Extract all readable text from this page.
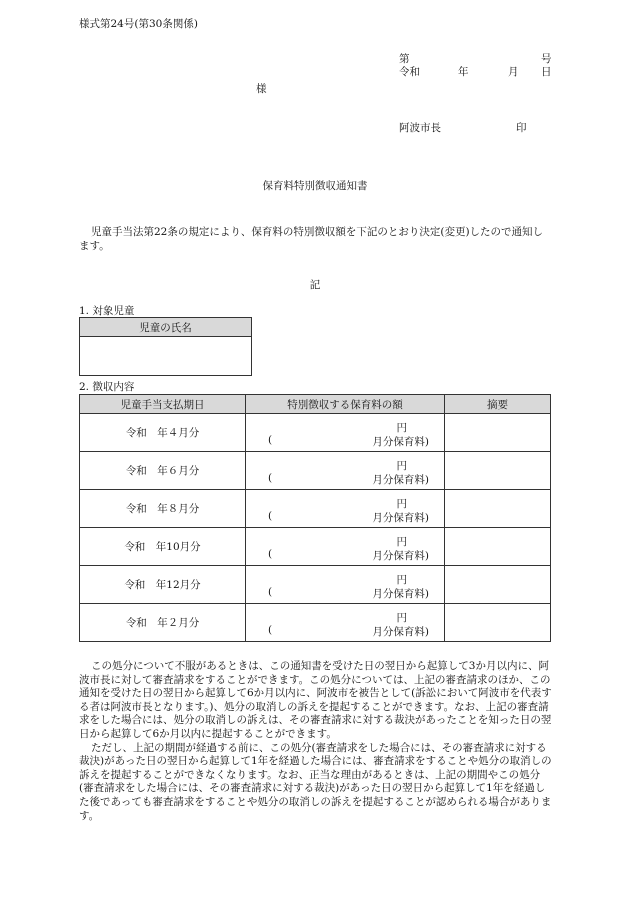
様式第24号(第30条関係)
第	号
令和	年	月 日
様
阿波市長	印
保育料特別徴収通知書
児童手当法第22条の規定により、保育料の特別徴収額を下記のとおり決定(変更)したので通知します。
記
1. 対象児童
児童の氏名

2. 徴収内容
児童手当支払期日	特別徴収する保育料の額	摘要
令和　年４月分	円
( 月分保育料)	

令和　年６月分	円
( 月分保育料)	

令和　年８月分	円
( 月分保育料)	

令和　年10月分	円
( 月分保育料)	

令和　年12月分	円
( 月分保育料)	

令和　年２月分	円
( 月分保育料)	

この処分について不服があるときは、この通知書を受けた日の翌日から起算して3か月以内に、阿波市長に対して審査請求をすることができます。この処分については、上記の審査請求のほか、この通知を受けた日の翌日から起算して6か月以内に、阿波市を被告として(訴訟において阿波市を代表する者は阿波市長となります。)、処分の取消しの訴えを提起することができます。なお、上記の審査請求をした場合には、処分の取消しの訴えは、その審査請求に対する裁決があったことを知った日の翌日から起算して6か月以内に提起することができます。

ただし、上記の期間が経過する前に、この処分(審査請求をした場合には、その審査請求に対する裁決)があった日の翌日から起算して1年を経過した場合には、審査請求をすることや処分の取消しの訴えを提起することができなくなります。なお、正当な理由があるときは、上記の期間やこの処分(審査請求をした場合には、その審査請求に対する裁決)があった日の翌日から起算して1年を経過した後であっても審査請求をすることや処分の取消しの訴えを提起することが認められる場合があります。
